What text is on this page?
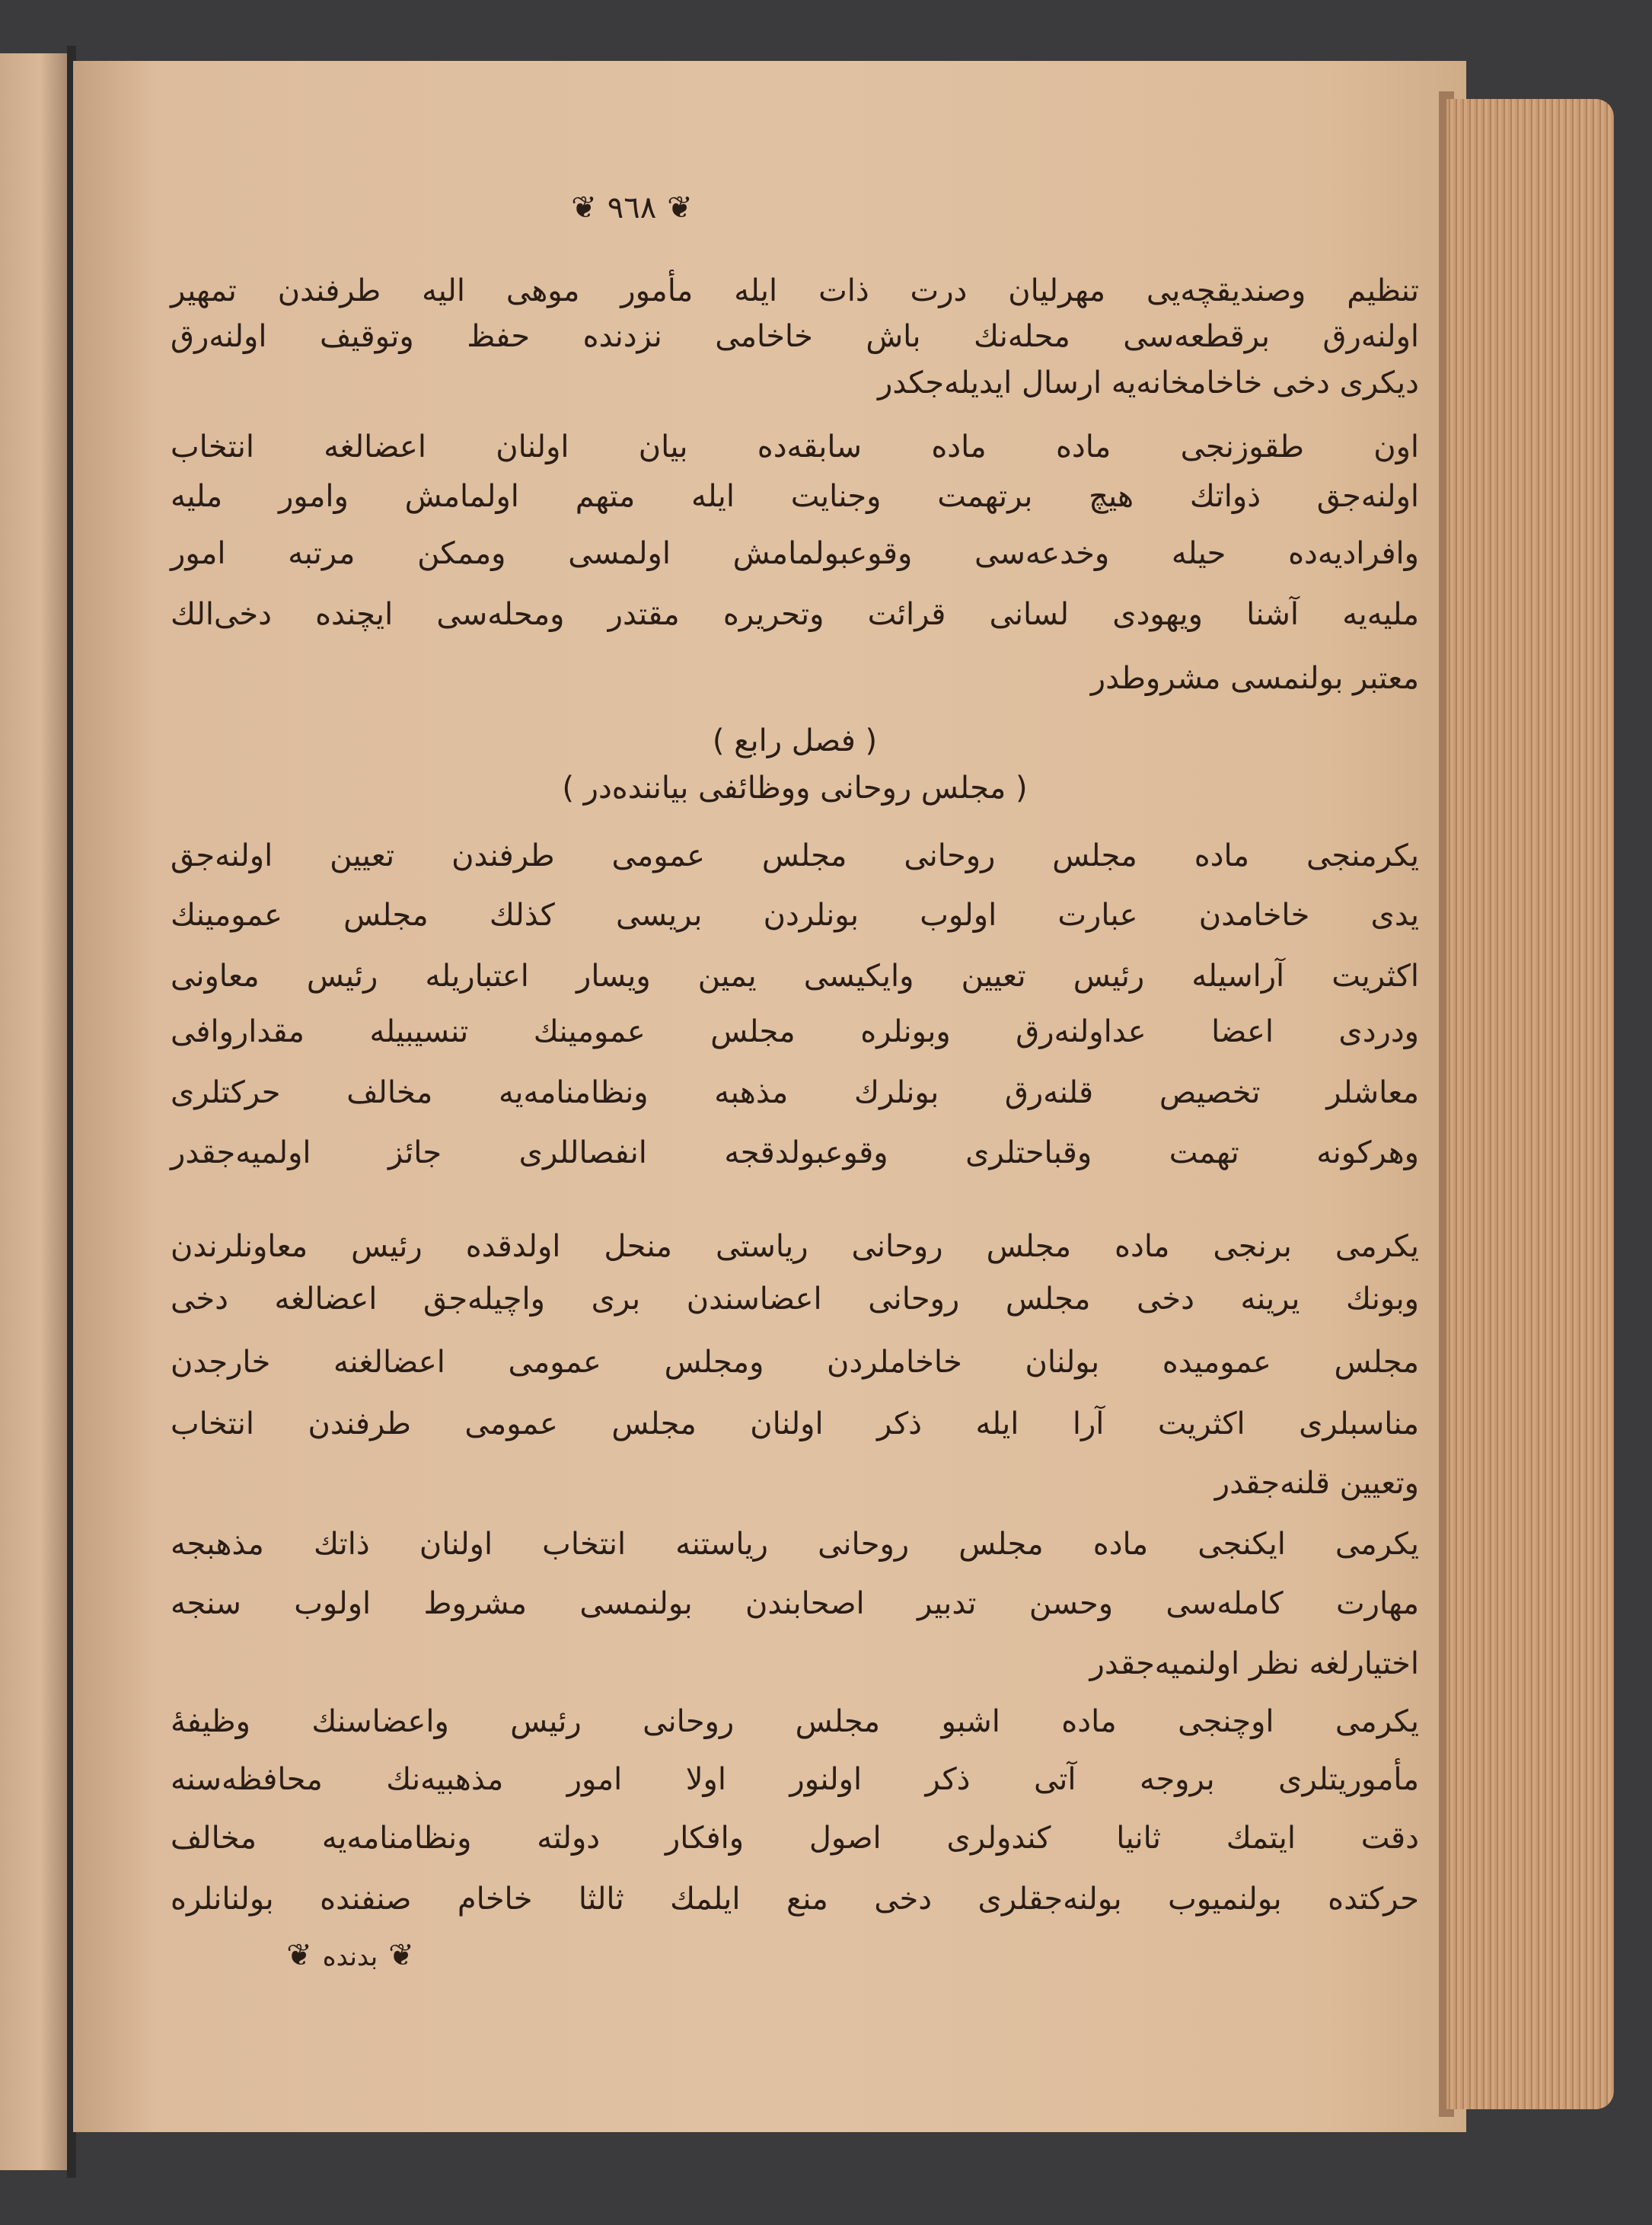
❦٩٦٨❦
تنظیم وصندیقچه‌یی مهرلیان درت ذات ایله مأمور موهی الیه طرفندن تمهیر
اولنه‌رق برقطعه‌سی محله‌نك باش خاخامی نزدنده حفظ وتوقیف اولنه‌رق
دیکری دخی خاخامخانه‌یه ارسال ایدیله‌جکدر
اون طقوزنجی ماده ماده سابقه‌ده بیان اولنان اعضالغه انتخاب
اولنه‌جق ذواتك هیچ برتهمت وجنایت ایله متهم اولمامش وامور ملیه
وافرادیه‌ده حیله وخدعه‌سی وقوعبولمامش اولمسی وممکن مرتبه امور
ملیه‌یه آشنا ویهودی لسانی قرائت وتحریره مقتدر ومحله‌سی ایچنده دخی‌الك
معتبر بولنمسی مشروطدر
( فصل رابع )
( مجلس روحانی ووظائفی بیاننده‌در )
یکرمنجی ماده مجلس روحانی مجلس عمومی طرفندن تعیین اولنه‌جق
یدی خاخامدن عبارت اولوب بونلردن بریسی کذلك مجلس عمومینك
اکثریت آراسیله رئیس تعیین وایکیسی یمین ویسار اعتباریله رئیس معاونی
ودردی اعضا عداولنه‌رق وبونلره مجلس عمومینك تنسیبیله مقداروافی
معاشلر تخصیص قلنه‌رق بونلرك مذهبه ونظامنامه‌یه مخالف حرکتلری
وهرکونه تهمت وقباحتلری وقوعبولدقجه انفصاللری جائز اولمیه‌جقدر
یکرمی برنجی ماده مجلس روحانی ریاستی منحل اولدقده رئیس معاونلرندن
وبونك یرینه دخی مجلس روحانی اعضاسندن بری واچیله‌جق اعضالغه دخی
مجلس عمومیده بولنان خاخاملردن ومجلس عمومی اعضالغنه خارجدن
مناسبلری اکثریت آرا ایله ذکر اولنان مجلس عمومی طرفندن انتخاب
وتعیین قلنه‌جقدر
یکرمی ایکنجی ماده مجلس روحانی ریاستنه انتخاب اولنان ذاتك مذهبجه
مهارت کامله‌سی وحسن تدبیر اصحابندن بولنمسی مشروط اولوب سنجه
اختیارلغه نظر اولنمیه‌جقدر
یکرمی اوچنجی ماده اشبو مجلس روحانی رئیس واعضاسنك وظیفهٔ
مأموریتلری بروجه آتی ذکر اولنور اولا امور مذهبیه‌نك محافظه‌سنه
دقت ایتمك ثانیا کندولری اصول وافکار دولته ونظامنامه‌یه مخالف
حرکتده بولنمیوب بولنه‌جقلری دخی منع ایلمك ثالثا خاخام صنفنده بولنانلره
❦بدنده❦
